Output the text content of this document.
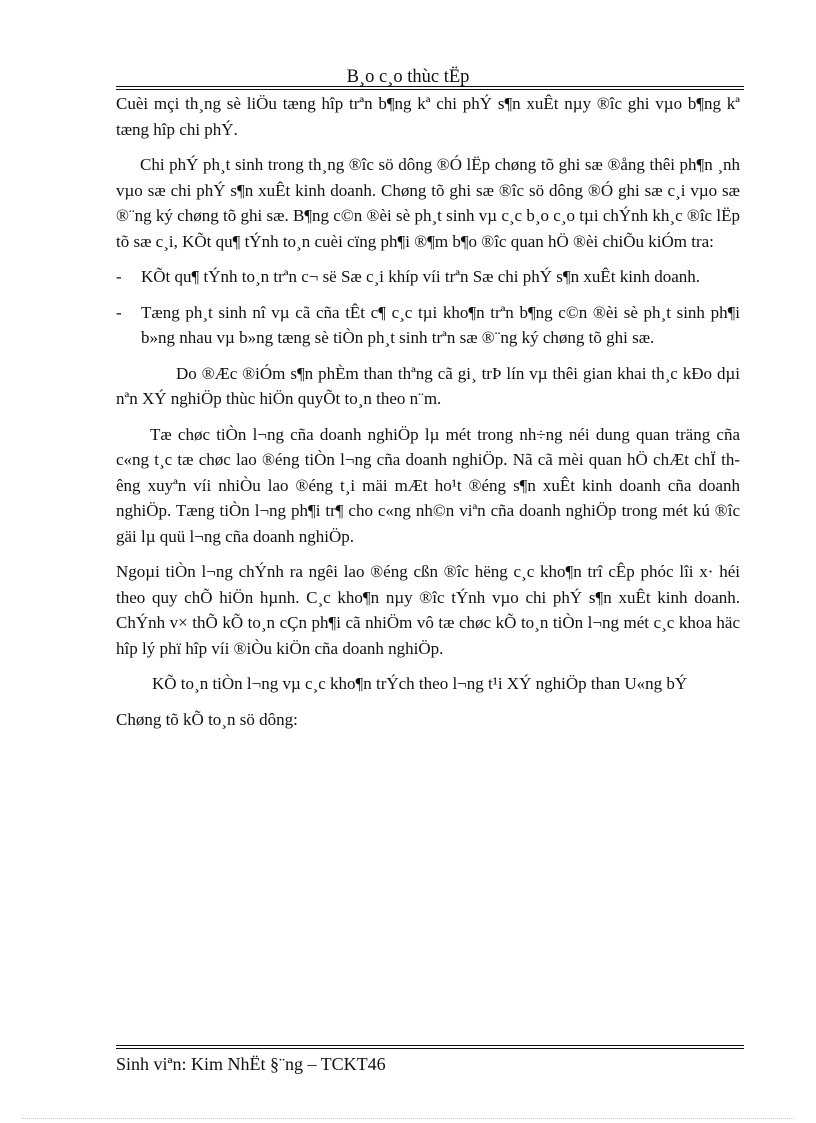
B¸o c¸o thùc tËp

Cuèi mçi th¸ng sè liÖu tæng hîp trªn b¶ng kª chi phÝ s¶n xuÊt nµy ®îc ghi vµo b¶ng kª tæng hîp chi phÝ.

Chi phÝ ph¸t sinh trong th¸ng ®îc sö dông ®Ó lËp chøng tõ ghi sæ ®ång thêi ph¶n ¸nh vµo sæ chi phÝ s¶n xuÊt kinh doanh. Chøng tõ ghi sæ ®îc sö dông ®Ó ghi sæ c¸i vµo sæ ®¨ng ký chøng tõ ghi sæ. B¶ng c©n ®èi sè ph¸t sinh vµ c¸c b¸o c¸o tµi chÝnh kh¸c ®îc lËp tõ sæ c¸i, KÕt qu¶ tÝnh to¸n cuèi cïng ph¶i ®¶m b¶o ®îc quan hÖ ®èi chiÕu kiÓm tra:

-	KÕt qu¶ tÝnh to¸n trªn c¬ së Sæ c¸i khíp víi trªn Sæ chi phÝ s¶n xuÊt kinh doanh.
-	Tæng ph¸t sinh nî vµ cã cña tÊt c¶ c¸c tµi kho¶n trªn b¶ng c©n ®èi sè ph¸t sinh ph¶i b»ng nhau vµ b»ng tæng sè tiÒn ph¸t sinh trªn sæ ®¨ng ký chøng tõ ghi sæ.

Do ®Æc ®iÓm s¶n phÈm than thªng cã gi¸ trÞ lín vµ thêi gian khai th¸c kÐo dµi nªn XÝ nghiÖp thùc hiÖn quyÕt to¸n theo n¨m.

Tæ chøc tiÒn l¬ng cña doanh nghiÖp lµ mét trong nh÷ng néi dung quan träng cña c«ng t¸c tæ chøc lao ®éng tiÒn l¬ng cña doanh nghiÖp. Nã cã mèi quan hÖ chÆt chÏ thêng xuyªn víi nhiÒu lao ®éng t¸i mäi mÆt ho¹t ®éng s¶n xuÊt kinh doanh cña doanh nghiÖp. Tæng tiÒn l¬ng ph¶i tr¶ cho c«ng nh©n viªn cña doanh nghiÖp trong mét kú ®îc gäi lµ quü l¬ng cña doanh nghiÖp.

Ngoµi tiÒn l¬ng chÝnh ra ngêi lao ®éng cßn ®îc hëng c¸c kho¶n trî cÊp phóc lîi x· héi theo quy chÕ hiÖn hµnh. C¸c kho¶n nµy ®îc tÝnh vµo chi phÝ s¶n xuÊt kinh doanh. ChÝnh v× thÕ kÕ to¸n cÇn ph¶i cã nhiÖm vô tæ chøc kÕ to¸n tiÒn l¬ng mét c¸c khoa häc hîp lý phï hîp víi ®iÒu kiÖn cña doanh nghiÖp.

KÕ to¸n tiÒn l¬ng vµ c¸c kho¶n trÝch theo l¬ng t¹i XÝ nghiÖp than U«ng bÝ

Chøng tõ kÕ to¸n sö dông:

Sinh viªn: Kim NhËt §¨ng – TCKT46
